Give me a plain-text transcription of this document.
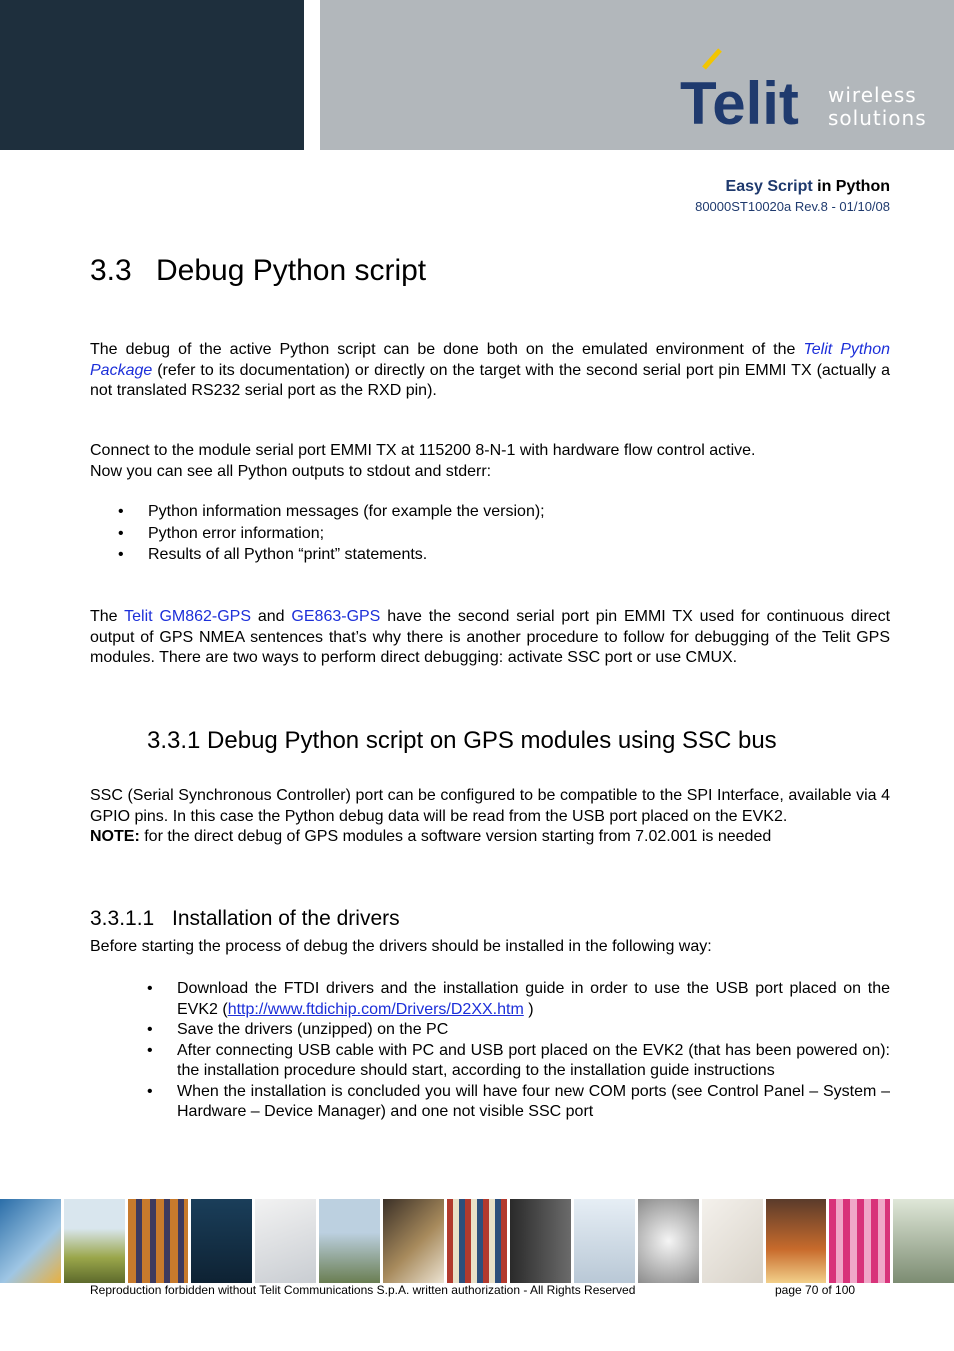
Telit wireless
solutions
Easy Script in Python
80000ST10020a Rev.8 - 01/10/08
3.3 Debug Python script
The debug of the active Python script can be done both on the emulated environment of the Telit Python Package (refer to its documentation) or directly on the target with the second serial port pin EMMI TX (actually a not translated RS232 serial port as the RXD pin).
Connect to the module serial port EMMI TX at 115200 8-N-1 with hardware flow control active.
Now you can see all Python outputs to stdout and stderr:
• Python information messages (for example the version);
• Python error information;
• Results of all Python “print” statements.
The Telit GM862-GPS and GE863-GPS have the second serial port pin EMMI TX used for continuous direct output of GPS NMEA sentences that’s why there is another procedure to follow for debugging of the Telit GPS modules. There are two ways to perform direct debugging: activate SSC port or use CMUX.
3.3.1 Debug Python script on GPS modules using SSC bus
SSC (Serial Synchronous Controller) port can be configured to be compatible to the SPI Interface, available via 4 GPIO pins. In this case the Python debug data will be read from the USB port placed on the EVK2.
NOTE: for the direct debug of GPS modules a software version starting from 7.02.001 is needed
3.3.1.1 Installation of the drivers
Before starting the process of debug the drivers should be installed in the following way:
• Download the FTDI drivers and the installation guide in order to use the USB port placed on the EVK2 (http://www.ftdichip.com/Drivers/D2XX.htm )
• Save the drivers (unzipped) on the PC
• After connecting USB cable with PC and USB port placed on the EVK2 (that has been powered on): the installation procedure should start, according to the installation guide instructions
• When the installation is concluded you will have four new COM ports (see Control Panel – System – Hardware – Device Manager) and one not visible SSC port
Reproduction forbidden without Telit Communications S.p.A. written authorization - All Rights Reserved	page 70 of 100
